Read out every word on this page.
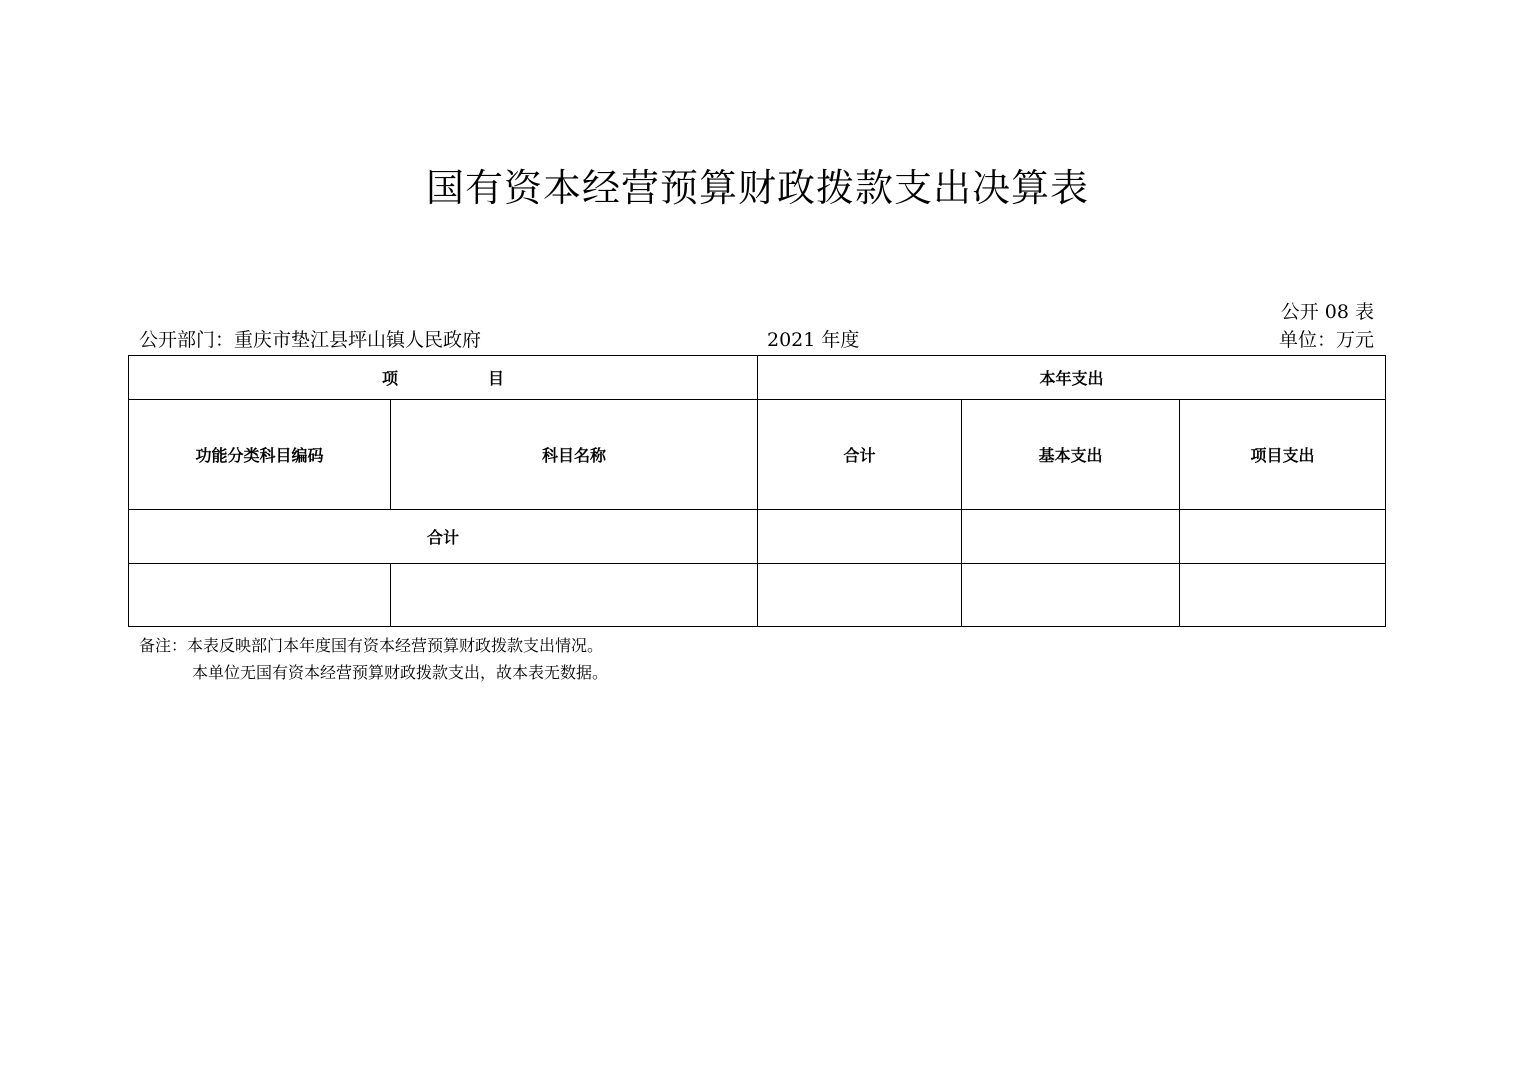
国有资本经营预算财政拨款支出决算表
公开 08 表
公开部门：重庆市垫江县坪山镇人民政府	2021 年度	单位：万元
项 目		本年支出		
功能分类科目编码	科目名称	合计	基本支出	项目支出
合计				

备注：本表反映部门本年度国有资本经营预算财政拨款支出情况。
本单位无国有资本经营预算财政拨款支出，故本表无数据。
